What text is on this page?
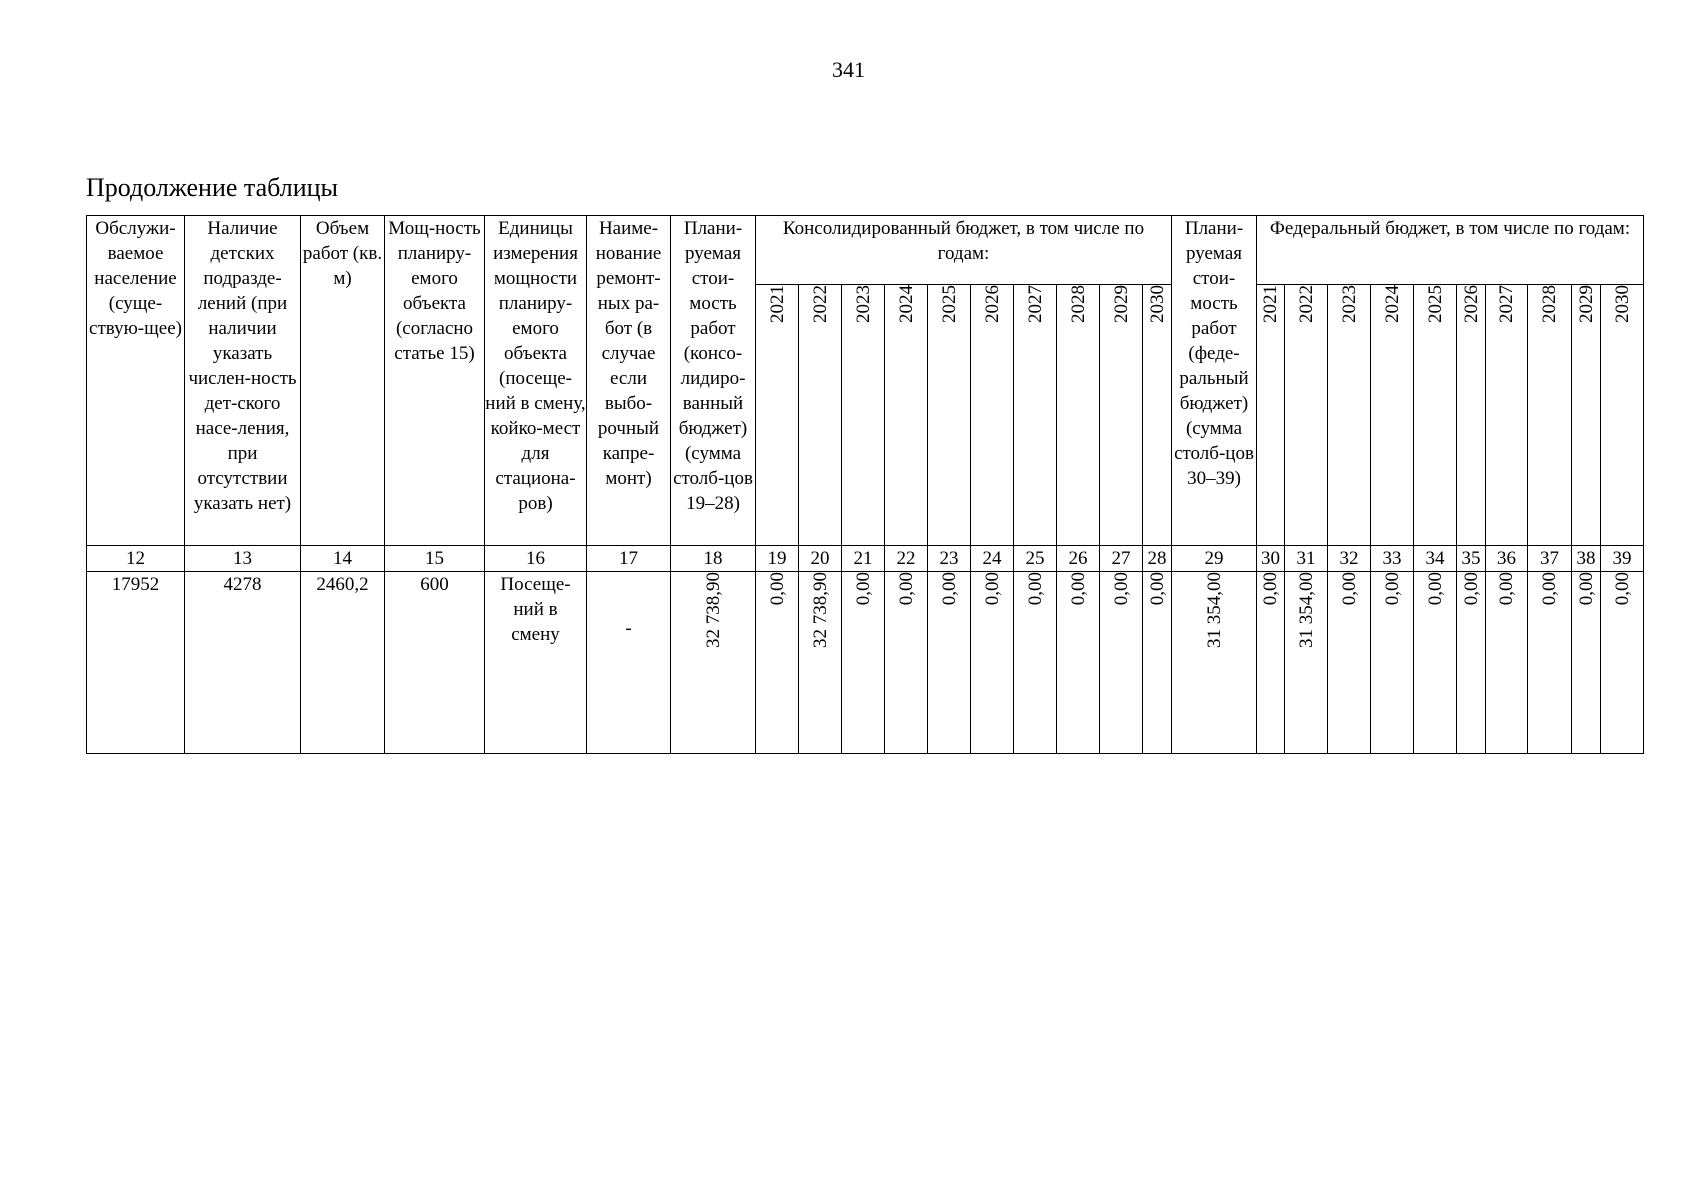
341
Продолжение таблицы
Обслужи-ваемое население (суще-ствую-щее)	Наличие детских подразде-лений (при наличии указать числен-ность дет-ского насе-ления, при отсутствии указать нет)	Объем работ (кв. м)	Мощ-ность планиру-емого объекта (согласно статье 15)	Единицы измерения мощности планиру-емого объекта (посеще-ний в смену, койко-мест для стациона-ров)	Наиме-нование ремонт-ных ра-бот (в случае если выбо-рочный капре-монт)	Плани-руемая стои-мость работ (консо-лидиро-ванный бюджет) (сумма столб-цов 19–28)	Консолидированный бюджет, в том числе по годам:										Плани-руемая стои-мость работ (феде-ральный бюджет) (сумма столб-цов 30–39)	Федеральный бюджет, в том числе по годам:									
							2021	2022	2023	2024	2025	2026	2027	2028	2029	2030		2021	2022	2023	2024	2025	2026	2027	2028	2029	2030
12	13	14	15	16	17	18	19	20	21	22	23	24	25	26	27	28	29	30	31	32	33	34	35	36	37	38	39
17952	4278	2460,2	600	Посеще-ний в смену	-	32 738,90	0,00	32 738,90	0,00	0,00	0,00	0,00	0,00	0,00	0,00	0,00	31 354,00	0,00	31 354,00	0,00	0,00	0,00	0,00	0,00	0,00	0,00	0,00
